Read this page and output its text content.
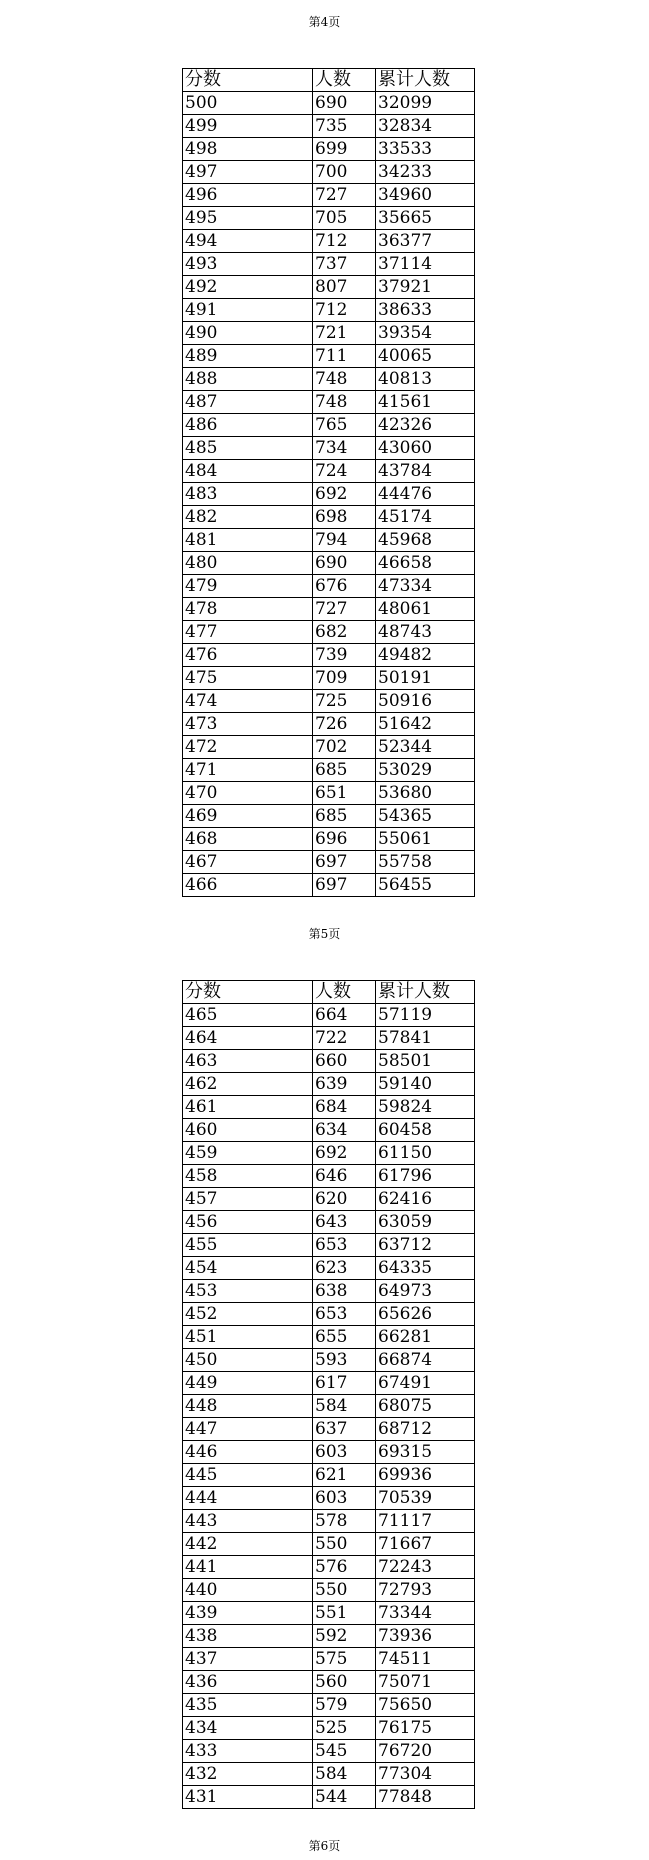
第4页
分数	人数	累计人数
500	690	32099
499	735	32834
498	699	33533
497	700	34233
496	727	34960
495	705	35665
494	712	36377
493	737	37114
492	807	37921
491	712	38633
490	721	39354
489	711	40065
488	748	40813
487	748	41561
486	765	42326
485	734	43060
484	724	43784
483	692	44476
482	698	45174
481	794	45968
480	690	46658
479	676	47334
478	727	48061
477	682	48743
476	739	49482
475	709	50191
474	725	50916
473	726	51642
472	702	52344
471	685	53029
470	651	53680
469	685	54365
468	696	55061
467	697	55758
466	697	56455
第5页
分数	人数	累计人数
465	664	57119
464	722	57841
463	660	58501
462	639	59140
461	684	59824
460	634	60458
459	692	61150
458	646	61796
457	620	62416
456	643	63059
455	653	63712
454	623	64335
453	638	64973
452	653	65626
451	655	66281
450	593	66874
449	617	67491
448	584	68075
447	637	68712
446	603	69315
445	621	69936
444	603	70539
443	578	71117
442	550	71667
441	576	72243
440	550	72793
439	551	73344
438	592	73936
437	575	74511
436	560	75071
435	579	75650
434	525	76175
433	545	76720
432	584	77304
431	544	77848
第6页
